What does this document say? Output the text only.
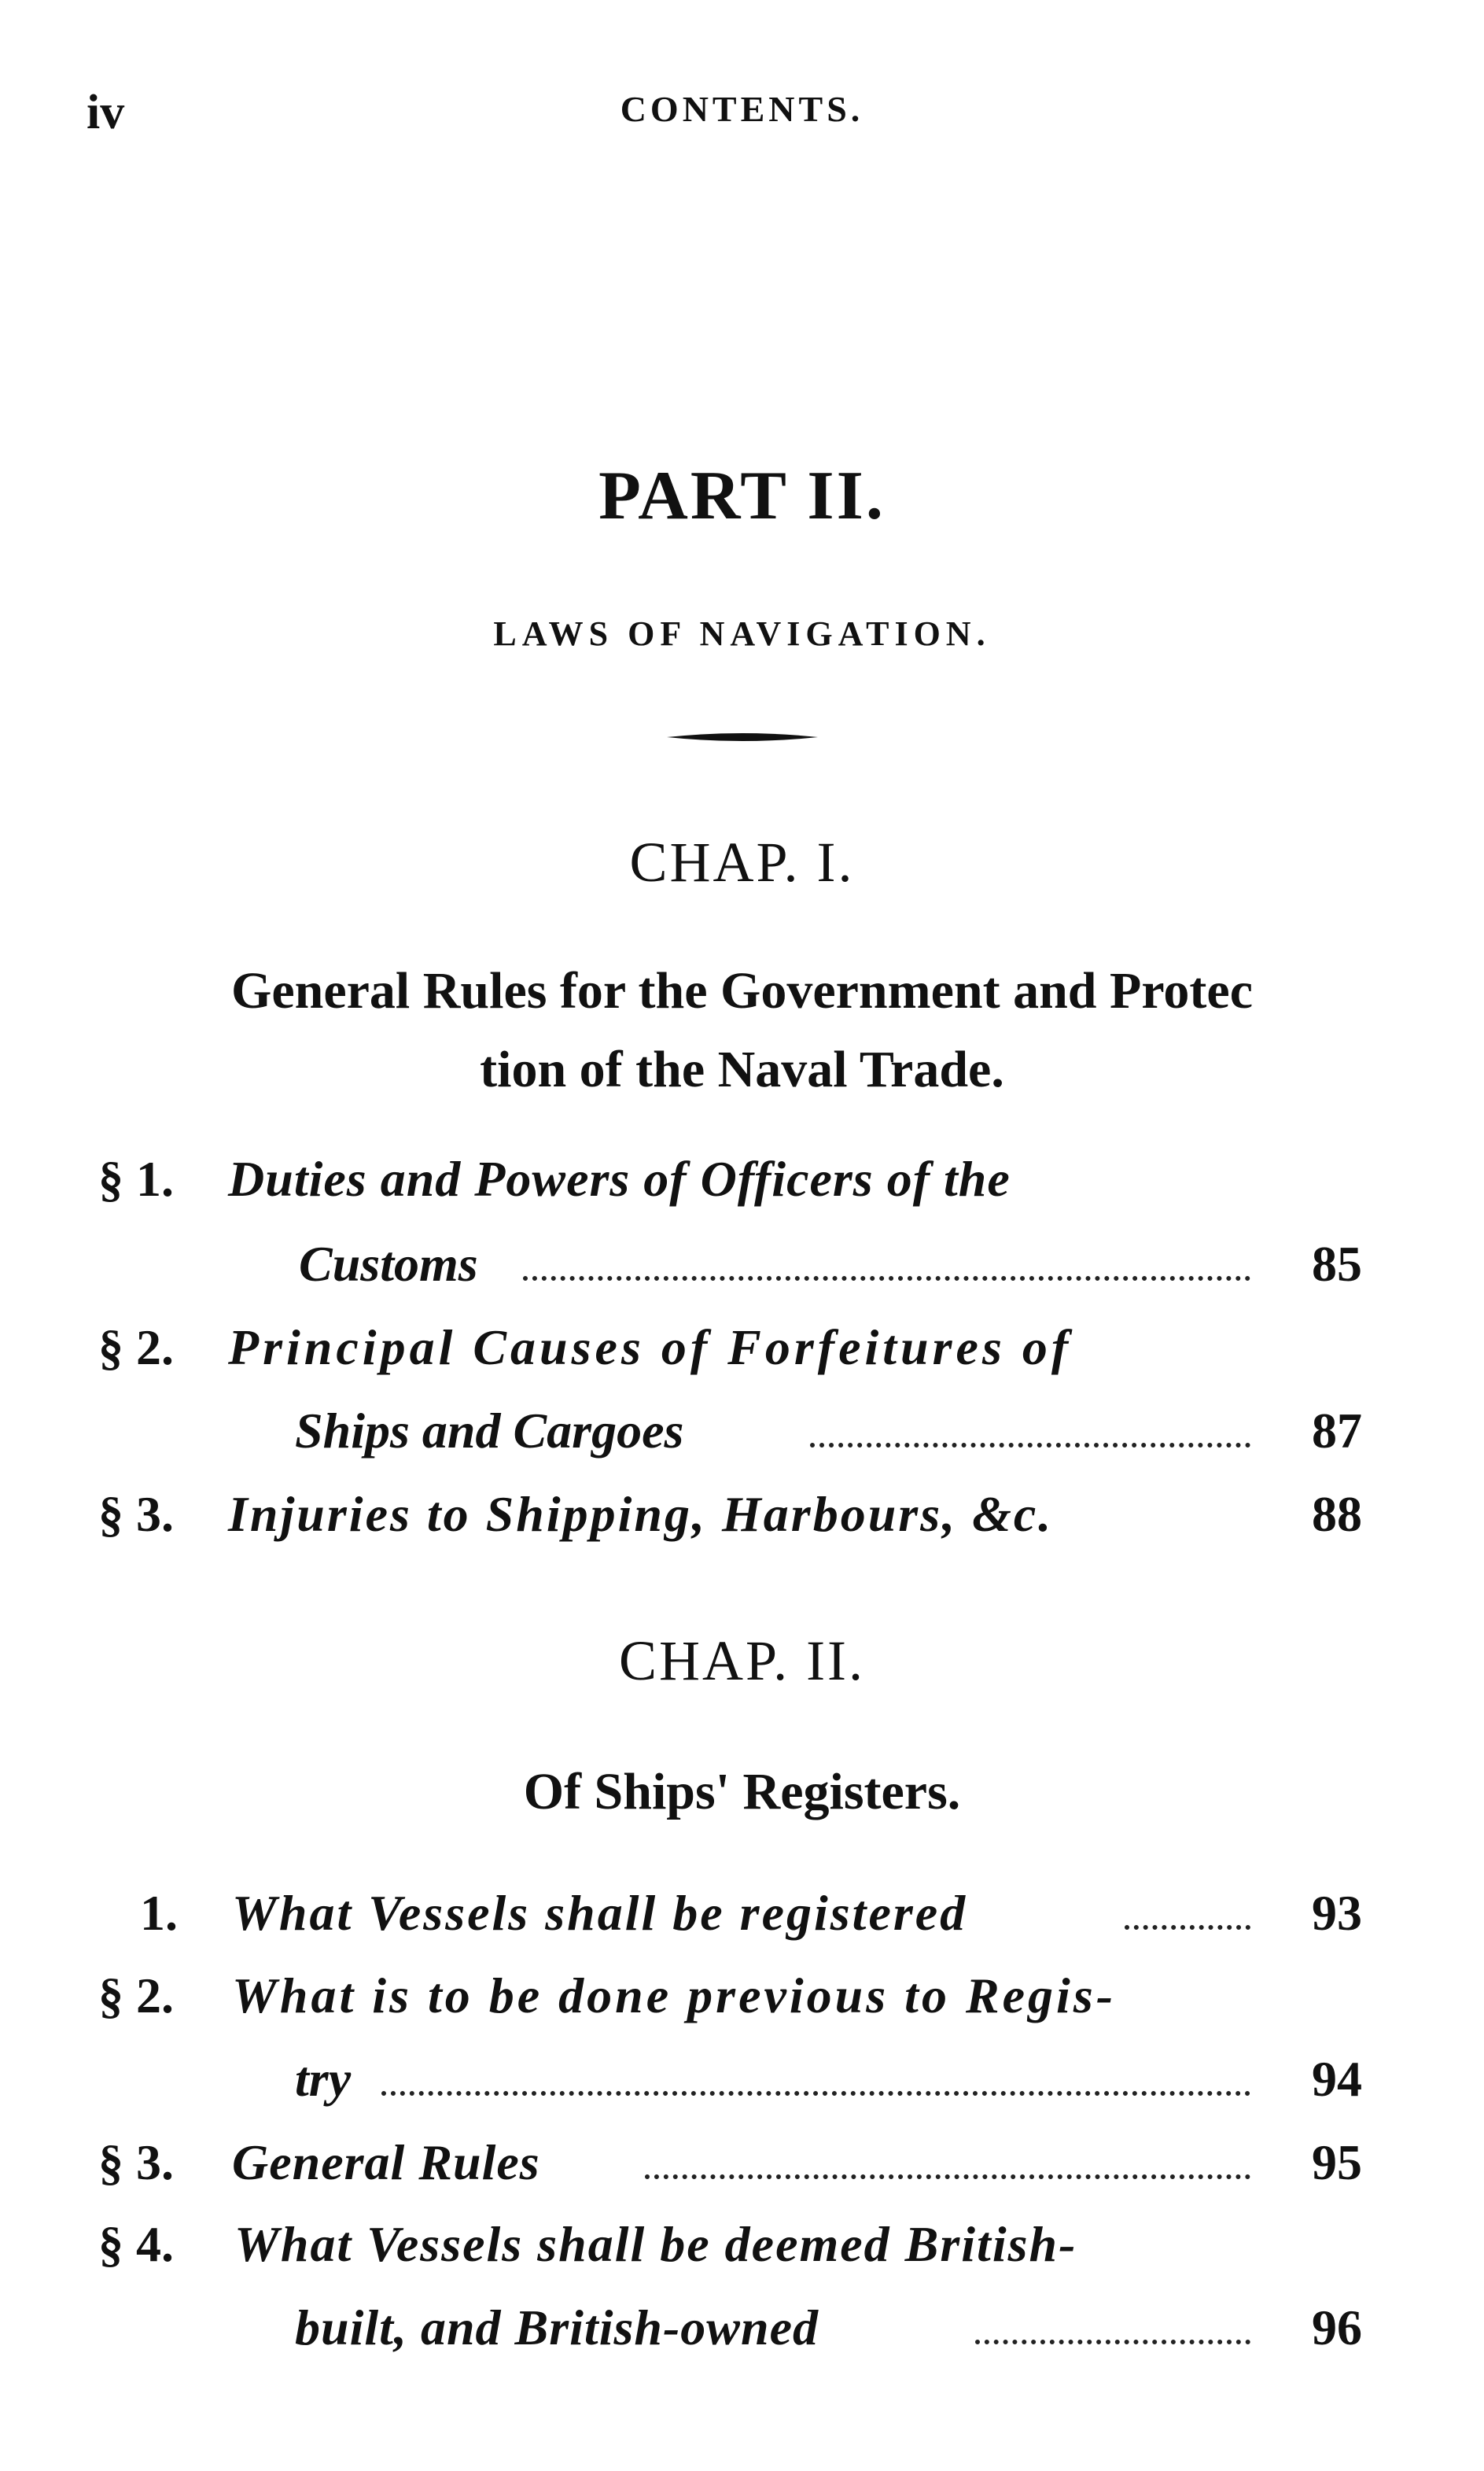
iv	CONTENTS.
PART II.
LAWS OF NAVIGATION.
CHAP. I.
General Rules for the Government and Protec
tion of the Naval Trade.
§ 1. Duties and Powers of Officers of the
Customs	85
§ 2. Principal Causes of Forfeitures of
Ships and Cargoes	87
§ 3. Injuries to Shipping, Harbours, &c.	88
CHAP. II.
Of Ships' Registers.
1. What Vessels shall be registered	93
§ 2. What is to be done previous to Regis-
try	94
§ 3. General Rules	95
§ 4. What Vessels shall be deemed British-
built, and British-owned	96
